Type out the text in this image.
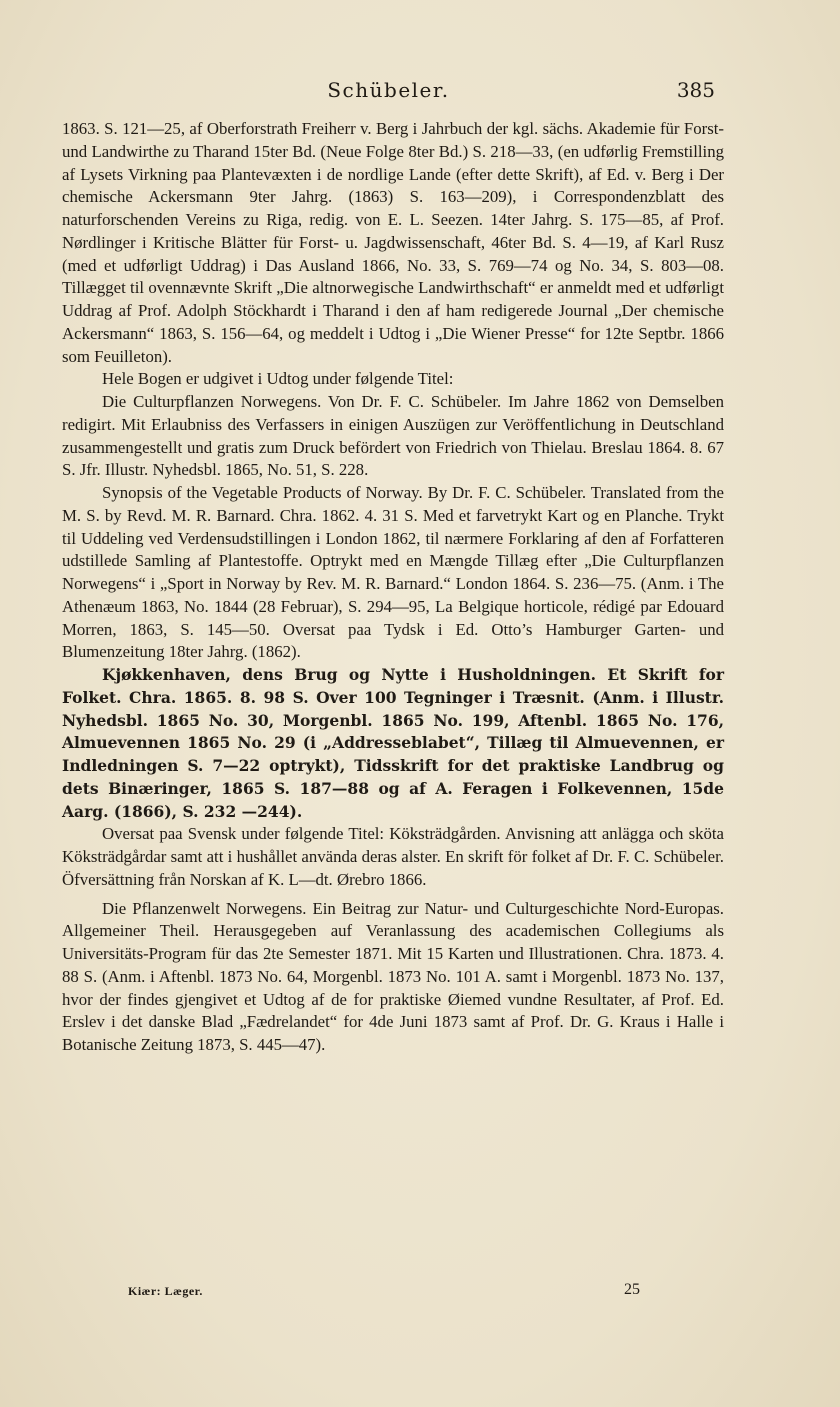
Schübeler.	385

1863. S. 121—25, af Oberforstrath Freiherr v. Berg i Jahrbuch der kgl. sächs. Akademie für Forst- und Landwirthe zu Tharand 15ter Bd. (Neue Folge 8ter Bd.) S. 218—33, (en udførlig Fremstilling af Lysets Virkning paa Plantevæxten i de nordlige Lande (efter dette Skrift), af Ed. v. Berg i Der chemische Ackersmann 9ter Jahrg. (1863) S. 163—209), i Correspondenzblatt des naturforschenden Vereins zu Riga, redig. von E. L. Seezen. 14ter Jahrg. S. 175—85, af Prof. Nørdlinger i Kritische Blätter für Forst- u. Jagdwissenschaft, 46ter Bd. S. 4—19, af Karl Rusz (med et udførligt Uddrag) i Das Ausland 1866, No. 33, S. 769—74 og No. 34, S. 803—08. Tillægget til ovennævnte Skrift „Die altnorwegische Landwirthschaft“ er anmeldt med et udførligt Uddrag af Prof. Adolph Stöckhardt i Tharand i den af ham redigerede Journal „Der chemische Ackersmann“ 1863, S. 156—64, og meddelt i Udtog i „Die Wiener Presse“ for 12te Septbr. 1866 som Feuilleton).

Hele Bogen er udgivet i Udtog under følgende Titel:

Die Culturpflanzen Norwegens. Von Dr. F. C. Schübeler. Im Jahre 1862 von Demselben redigirt. Mit Erlaubniss des Verfassers in einigen Auszügen zur Veröffentlichung in Deutschland zusammengestellt und gratis zum Druck befördert von Friedrich von Thielau. Breslau 1864. 8. 67 S. Jfr. Illustr. Nyhedsbl. 1865, No. 51, S. 228.

Synopsis of the Vegetable Products of Norway. By Dr. F. C. Schübeler. Translated from the M. S. by Revd. M. R. Barnard. Chra. 1862. 4. 31 S. Med et farvetrykt Kart og en Planche. Trykt til Uddeling ved Verdensudstillingen i London 1862, til nærmere Forklaring af den af Forfatteren udstillede Samling af Plantestoffe. Optrykt med en Mængde Tillæg efter „Die Culturpflanzen Norwegens“ i „Sport in Norway by Rev. M. R. Barnard.“ London 1864. S. 236—75. (Anm. i The Athenæum 1863, No. 1844 (28 Februar), S. 294—95, La Belgique horticole, rédigé par Edouard Morren, 1863, S. 145—50. Oversat paa Tydsk i Ed. Otto’s Hamburger Garten- und Blumenzeitung 18ter Jahrg. (1862).

Kjøkkenhaven, dens Brug og Nytte i Husholdningen. Et Skrift for Folket. Chra. 1865. 8. 98 S. Over 100 Tegninger i Træsnit. (Anm. i Illustr. Nyhedsbl. 1865 No. 30, Morgenbl. 1865 No. 199, Aftenbl. 1865 No. 176, Almuevennen 1865 No. 29 (i „Addresseblabet“, Tillæg til Almuevennen, er Indledningen S. 7—22 optrykt), Tidsskrift for det praktiske Landbrug og dets Binæringer, 1865 S. 187—88 og af A. Feragen i Folkevennen, 15de Aarg. (1866), S. 232 —244).

Oversat paa Svensk under følgende Titel: Köksträdgården. Anvisning att anlägga och sköta Köksträdgårdar samt att i hushållet använda deras alster. En skrift för folket af Dr. F. C. Schübeler. Öfversättning från Norskan af K. L—dt. Ørebro 1866.

Die Pflanzenwelt Norwegens. Ein Beitrag zur Natur- und Culturgeschichte Nord-Europas. Allgemeiner Theil. Herausgegeben auf Veranlassung des academischen Collegiums als Universitäts-Program für das 2te Semester 1871. Mit 15 Karten und Illustrationen. Chra. 1873. 4. 88 S. (Anm. i Aftenbl. 1873 No. 64, Morgenbl. 1873 No. 101 A. samt i Morgenbl. 1873 No. 137, hvor der findes gjengivet et Udtog af de for praktiske Øiemed vundne Resultater, af Prof. Ed. Erslev i det danske Blad „Fædrelandet“ for 4de Juni 1873 samt af Prof. Dr. G. Kraus i Halle i Botanische Zeitung 1873, S. 445—47).

Kiær: Læger.	25
